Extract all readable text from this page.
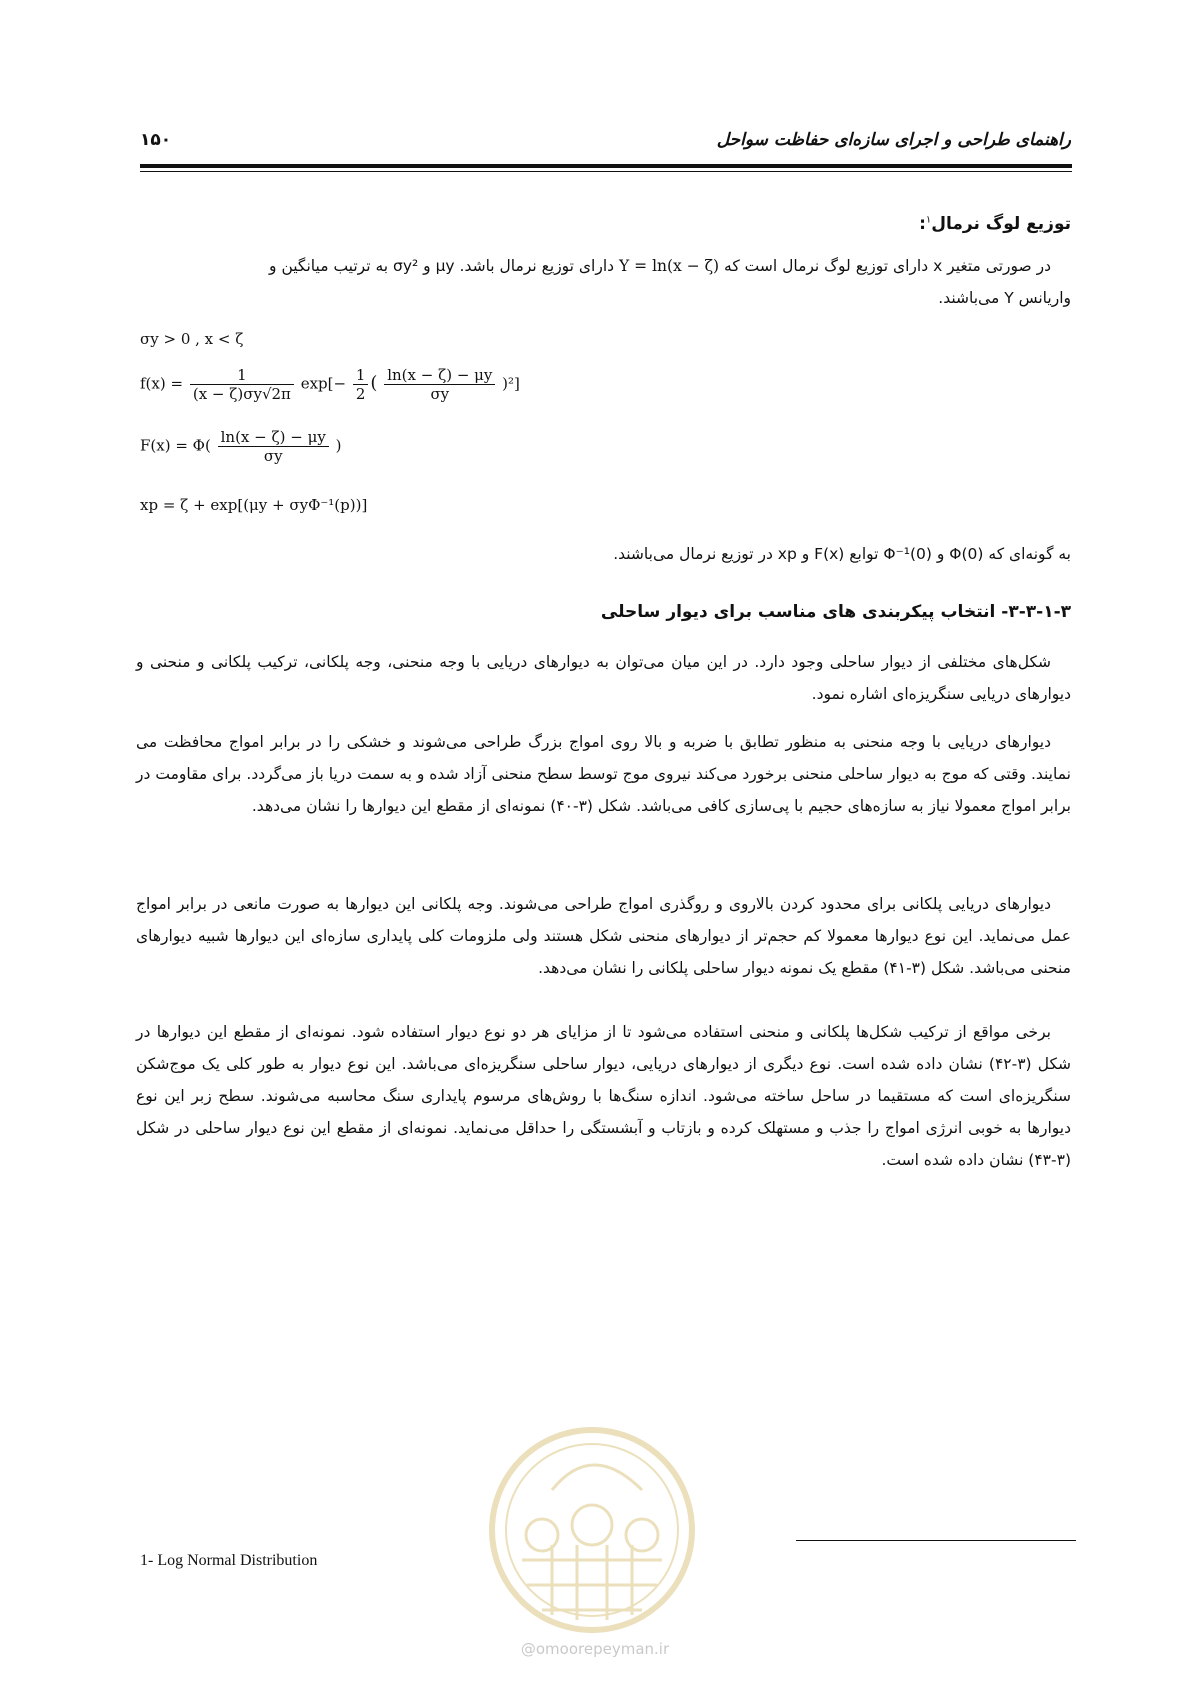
راهنمای طراحی و اجرای سازه‌ای حفاظت سواحل
۱۵۰
توزیع لوگ نرمال$^۱$:
در صورتی متغیر x دارای توزیع لوگ نرمال است که Y = ln(x − ζ) دارای توزیع نرمال باشد. μy و σy² به ترتیب میانگین و
واریانس Y می‌باشند.
σy > 0 , x < ζ
$f(x) = \frac{1}{(x - \zeta)\sigma y√2\pi} \exp[- \frac{1}{2}$ ( $\frac{\ln(x - \zeta) - \mu y}{\sigma y} )^2$]
$F(x) = \Phi( \frac{\ln(x - \zeta) - \mu y}{\sigma y}$ )
xp = ζ + exp[(μy + σyΦ⁻¹(p))]
به گونه‌ای که Φ(0) و Φ⁻¹(0) توابع F(x) و xp در توزیع نرمال می‌باشند.
۳-۳-۱-۳- انتخاب پیکربندی های مناسب برای دیوار ساحلی
شکل‌های مختلفی از دیوار ساحلی وجود دارد. در این میان می‌توان به دیوارهای دریایی با وجه منحنی، وجه پلکانی، ترکیب پلکانی و منحنی و دیوارهای دریایی سنگریزه‌ای اشاره نمود.
دیوارهای دریایی با وجه منحنی به منظور تطابق با ضربه و بالا روی امواج بزرگ طراحی می‌شوند و خشکی را در برابر امواج محافظت می نمایند. وقتی که موج به دیوار ساحلی منحنی برخورد می‌کند نیروی موج توسط سطح منحنی آزاد شده و به سمت دریا باز می‌گردد. برای مقاومت در برابر امواج معمولا نیاز به سازه‌های حجیم با پی‌سازی کافی می‌باشد. شکل (۳-۴۰) نمونه‌ای از مقطع این دیوارها را نشان می‌دهد.
دیوارهای دریایی پلکانی برای محدود کردن بالاروی و روگذری امواج طراحی می‌شوند. وجه پلکانی این دیوارها به صورت مانعی در برابر امواج عمل می‌نماید. این نوع دیوارها معمولا کم حجم‌تر از دیوارهای منحنی شکل هستند ولی ملزومات کلی پایداری سازه‌ای این دیوارها شبیه دیوارهای منحنی می‌باشد. شکل (۳-۴۱) مقطع یک نمونه دیوار ساحلی پلکانی را نشان می‌دهد.
برخی مواقع از ترکیب شکل‌ها پلکانی و منحنی استفاده می‌شود تا از مزایای هر دو نوع دیوار استفاده شود. نمونه‌ای از مقطع این دیوارها در شکل (۳-۴۲) نشان داده شده است. نوع دیگری از دیوارهای دریایی، دیوار ساحلی سنگریزه‌ای می‌باشد. این نوع دیوار به طور کلی یک موج‌شکن سنگریزه‌ای است که مستقیما در ساحل ساخته می‌شود. اندازه سنگ‌ها با روش‌های مرسوم پایداری سنگ محاسبه می‌شوند. سطح زبر این نوع دیوارها به خوبی انرژی امواج را جذب و مستهلک کرده و بازتاب و آبشستگی را حداقل می‌نماید. نمونه‌ای از مقطع این نوع دیوار ساحلی در شکل (۳-۴۳) نشان داده شده است.
@omoorepeyman.ir
1- Log Normal Distribution
